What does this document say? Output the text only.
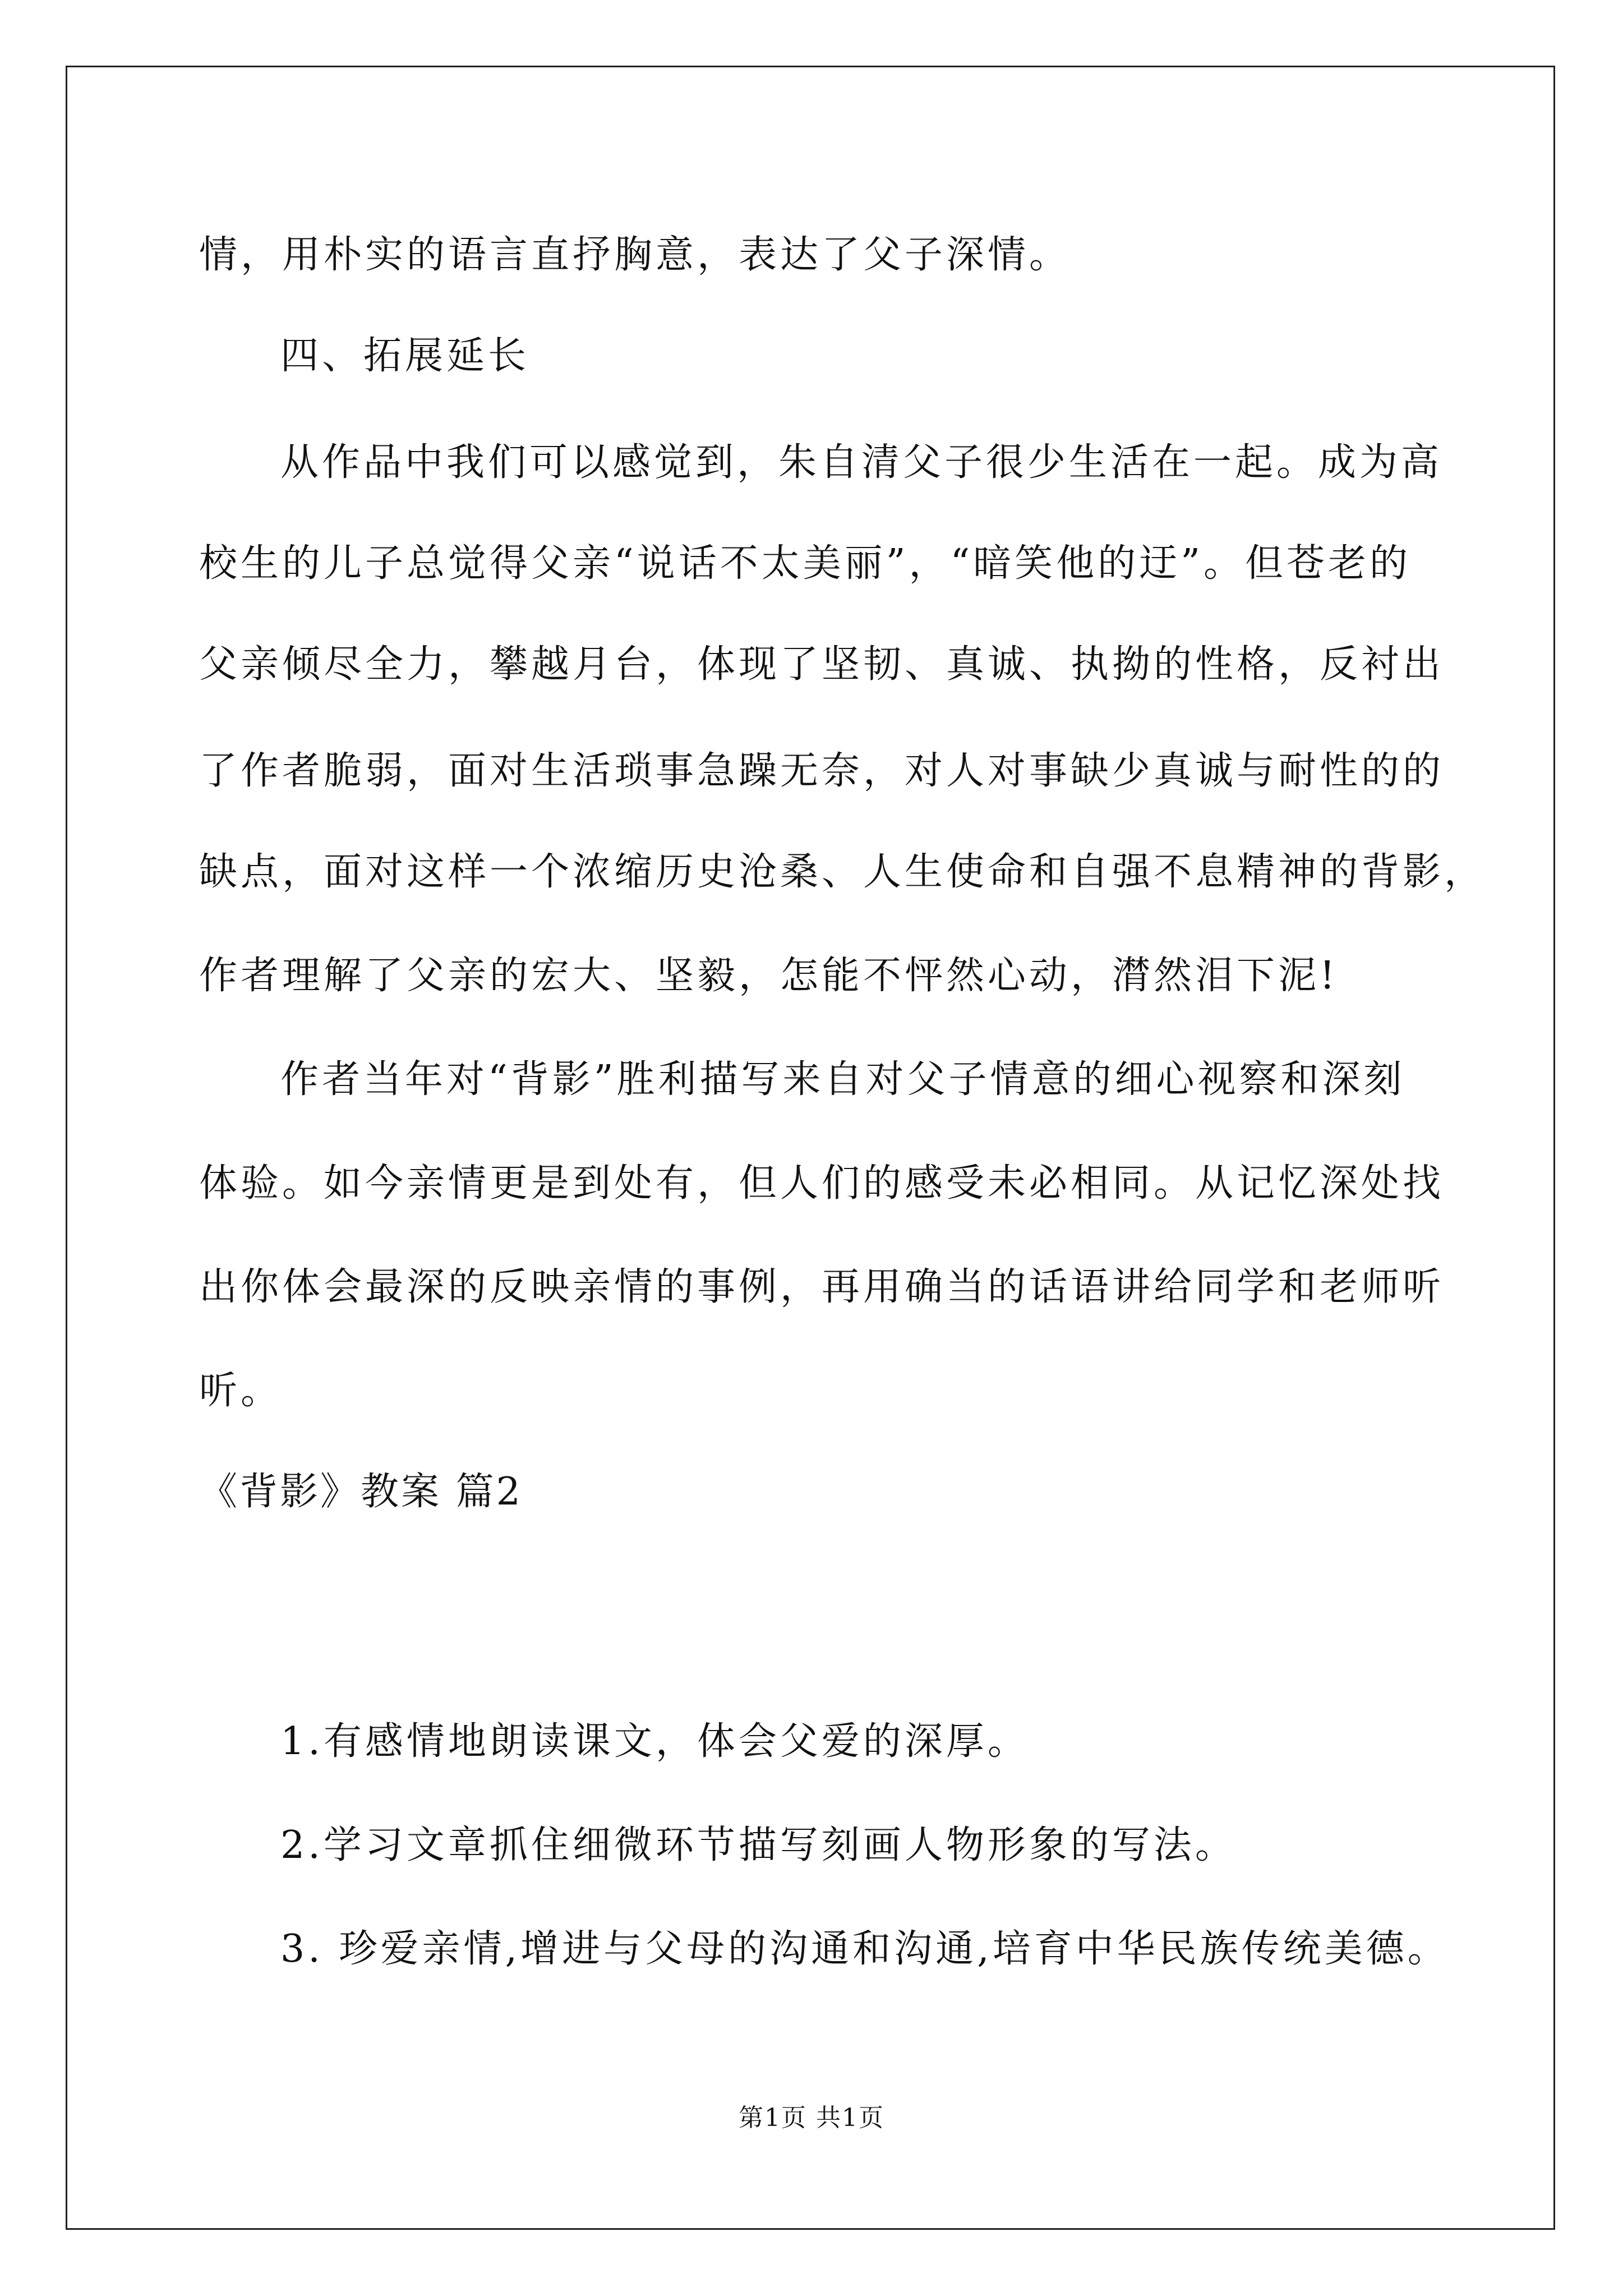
情，用朴实的语言直抒胸意，表达了父子深情。
四、拓展延长
从作品中我们可以感觉到，朱自清父子很少生活在一起。成为高
校生的儿子总觉得父亲“说话不太美丽”，“暗笑他的迂”。但苍老的
父亲倾尽全力，攀越月台，体现了坚韧、真诚、执拗的性格，反衬出
了作者脆弱，面对生活琐事急躁无奈，对人对事缺少真诚与耐性的的
缺点，面对这样一个浓缩历史沧桑、人生使命和自强不息精神的背影，
作者理解了父亲的宏大、坚毅，怎能不怦然心动，潸然泪下泥!
作者当年对“背影”胜利描写来自对父子情意的细心视察和深刻
体验。如今亲情更是到处有，但人们的感受未必相同。从记忆深处找
出你体会最深的反映亲情的事例，再用确当的话语讲给同学和老师听
听。
《背影》教案 篇2
1.有感情地朗读课文，体会父爱的深厚。
2.学习文章抓住细微环节描写刻画人物形象的写法。
3. 珍爱亲情,增进与父母的沟通和沟通,培育中华民族传统美德。
第1页 共1页
